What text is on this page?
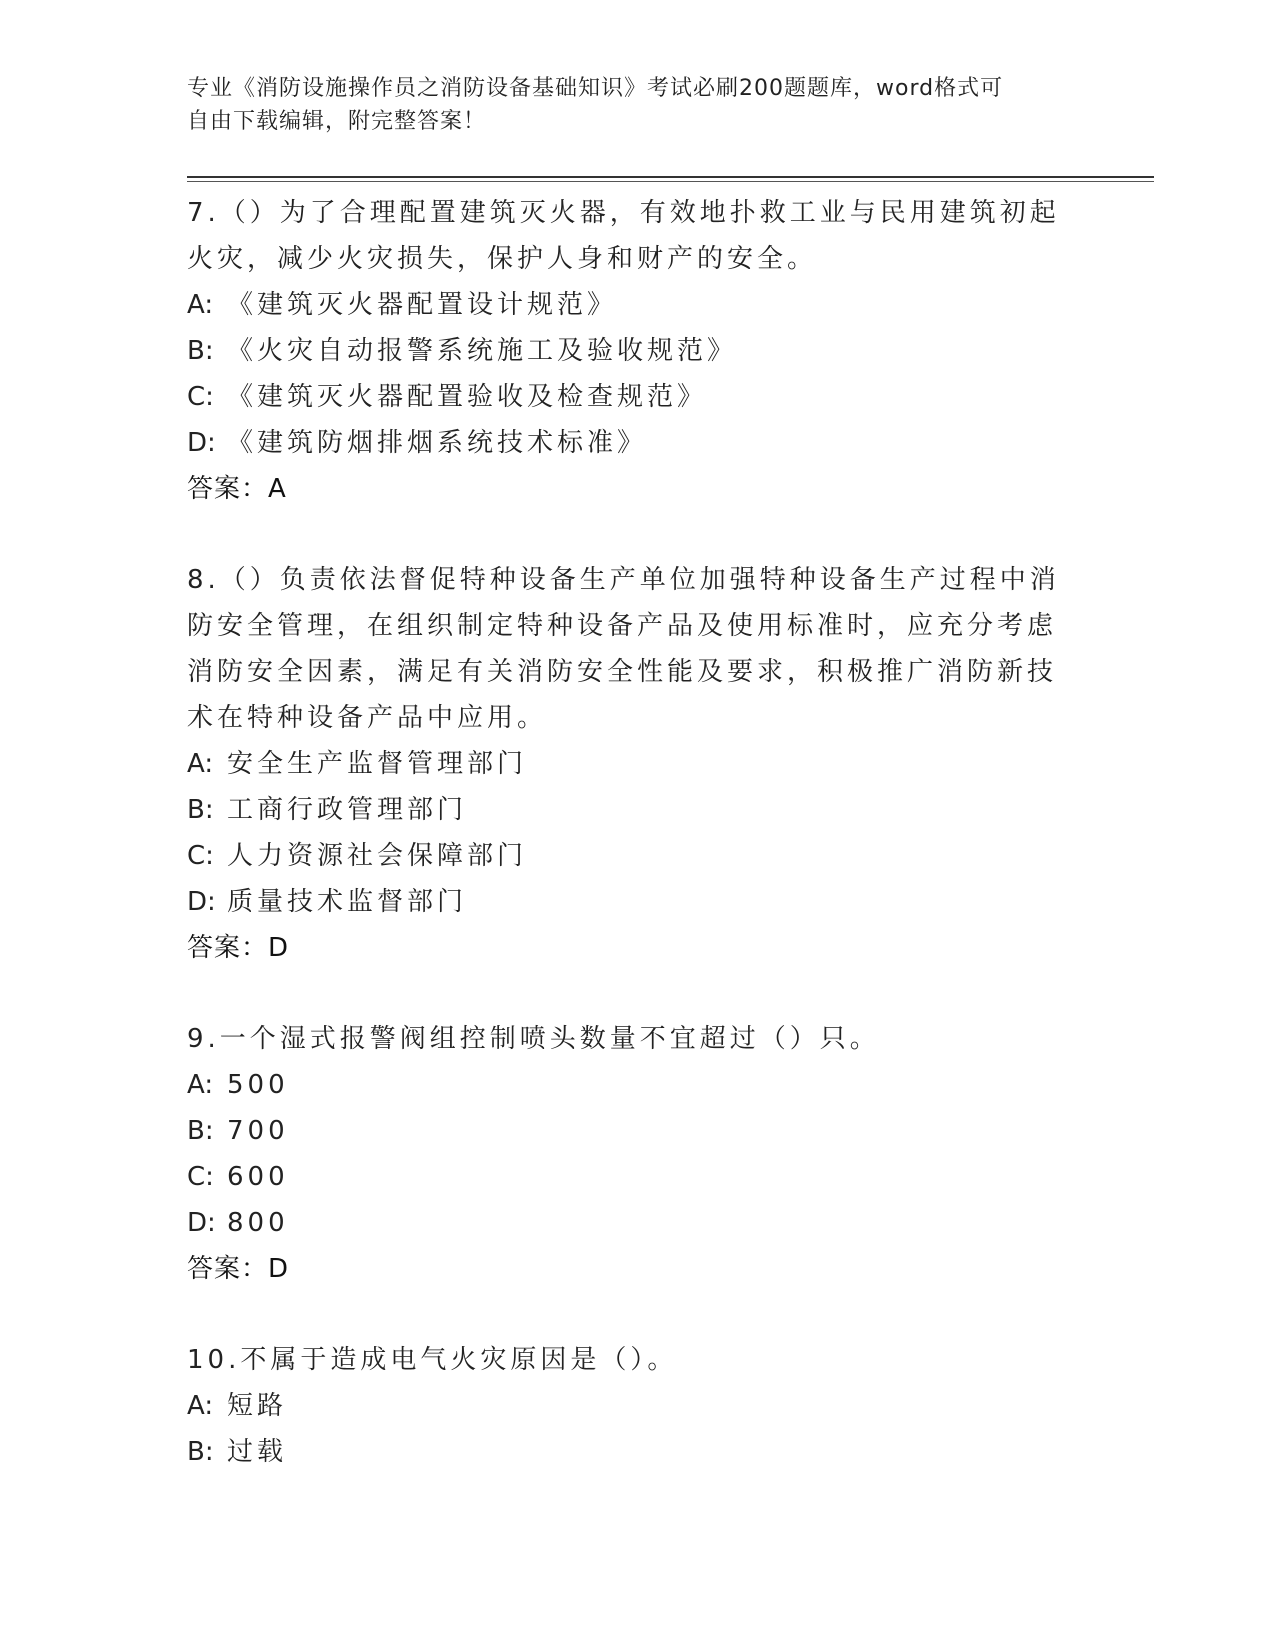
专业《消防设施操作员之消防设备基础知识》考试必刷200题题库，word格式可
自由下载编辑，附完整答案！

7.（）为了合理配置建筑灭火器，有效地扑救工业与民用建筑初起火灾，减少火灾损失，保护人身和财产的安全。

A: 《建筑灭火器配置设计规范》

B: 《火灾自动报警系统施工及验收规范》

C: 《建筑灭火器配置验收及检查规范》

D: 《建筑防烟排烟系统技术标准》

答案：A

8.（）负责依法督促特种设备生产单位加强特种设备生产过程中消防安全管理，在组织制定特种设备产品及使用标准时，应充分考虑消防安全因素，满足有关消防安全性能及要求，积极推广消防新技术在特种设备产品中应用。

A: 安全生产监督管理部门

B: 工商行政管理部门

C: 人力资源社会保障部门

D: 质量技术监督部门

答案：D

9.一个湿式报警阀组控制喷头数量不宜超过（）只。

A: 500

B: 700

C: 600

D: 800

答案：D

10.不属于造成电气火灾原因是（）。

A: 短路

B: 过载
